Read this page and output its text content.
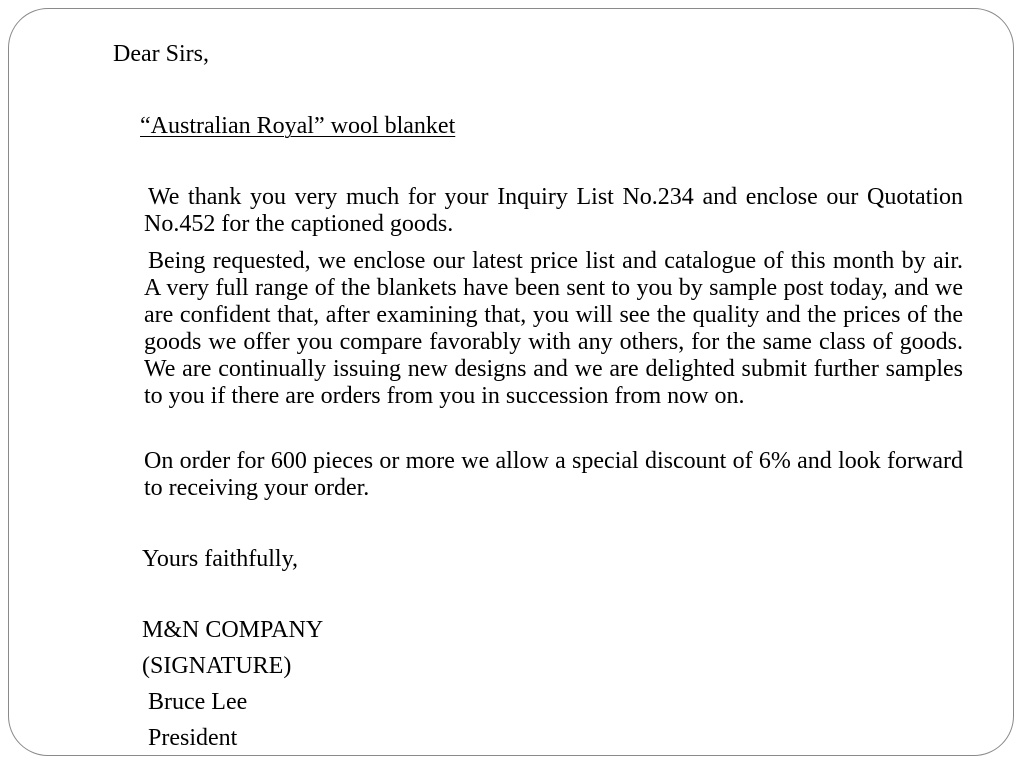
Dear Sirs,
“Australian Royal” wool blanket
We thank you very much for your Inquiry List No.234 and enclose our Quotation No.452 for the captioned goods.
Being requested, we enclose our latest price list and catalogue of this month by air. A very full range of the blankets have been sent to you by sample post today, and we are confident that, after examining that, you will see the quality and the prices of the goods we offer you compare favorably with any others, for the same class of goods. We are continually issuing new designs and we are delighted submit further samples to you if there are orders from you in succession from now on.
On order for 600 pieces or more we allow a special discount of 6% and look forward to receiving your order.
Yours faithfully,
M&N COMPANY
(SIGNATURE)
Bruce Lee
President
